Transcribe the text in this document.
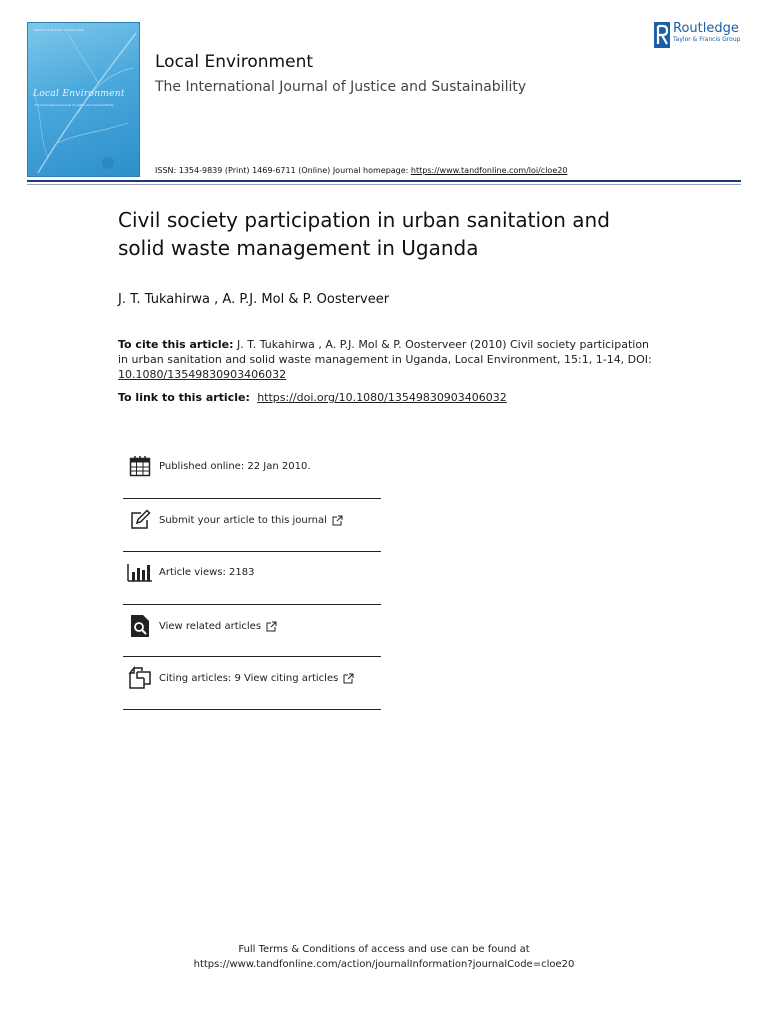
Volume 15 Number 12 June 2010
Local Environment
The International Journal of Justice and Sustainability
Local Environment
The International Journal of Justice and Sustainability
ISSN: 1354-9839 (Print) 1469-6711 (Online) Journal homepage: https://www.tandfonline.com/loi/cloe20
Routledge
Taylor & Francis Group
Civil society participation in urban sanitation and
solid waste management in Uganda
J. T. Tukahirwa , A. P.J. Mol & P. Oosterveer
To cite this article: J. T. Tukahirwa , A. P.J. Mol & P. Oosterveer (2010) Civil society participation in urban sanitation and solid waste management in Uganda, Local Environment, 15:1, 1-14, DOI: 10.1080/13549830903406032
To link to this article:  https://doi.org/10.1080/13549830903406032
Published online: 22 Jan 2010.
Submit your article to this journal
Article views: 2183
View related articles
Citing articles: 9 View citing articles
Full Terms & Conditions of access and use can be found at
https://www.tandfonline.com/action/journalInformation?journalCode=cloe20
